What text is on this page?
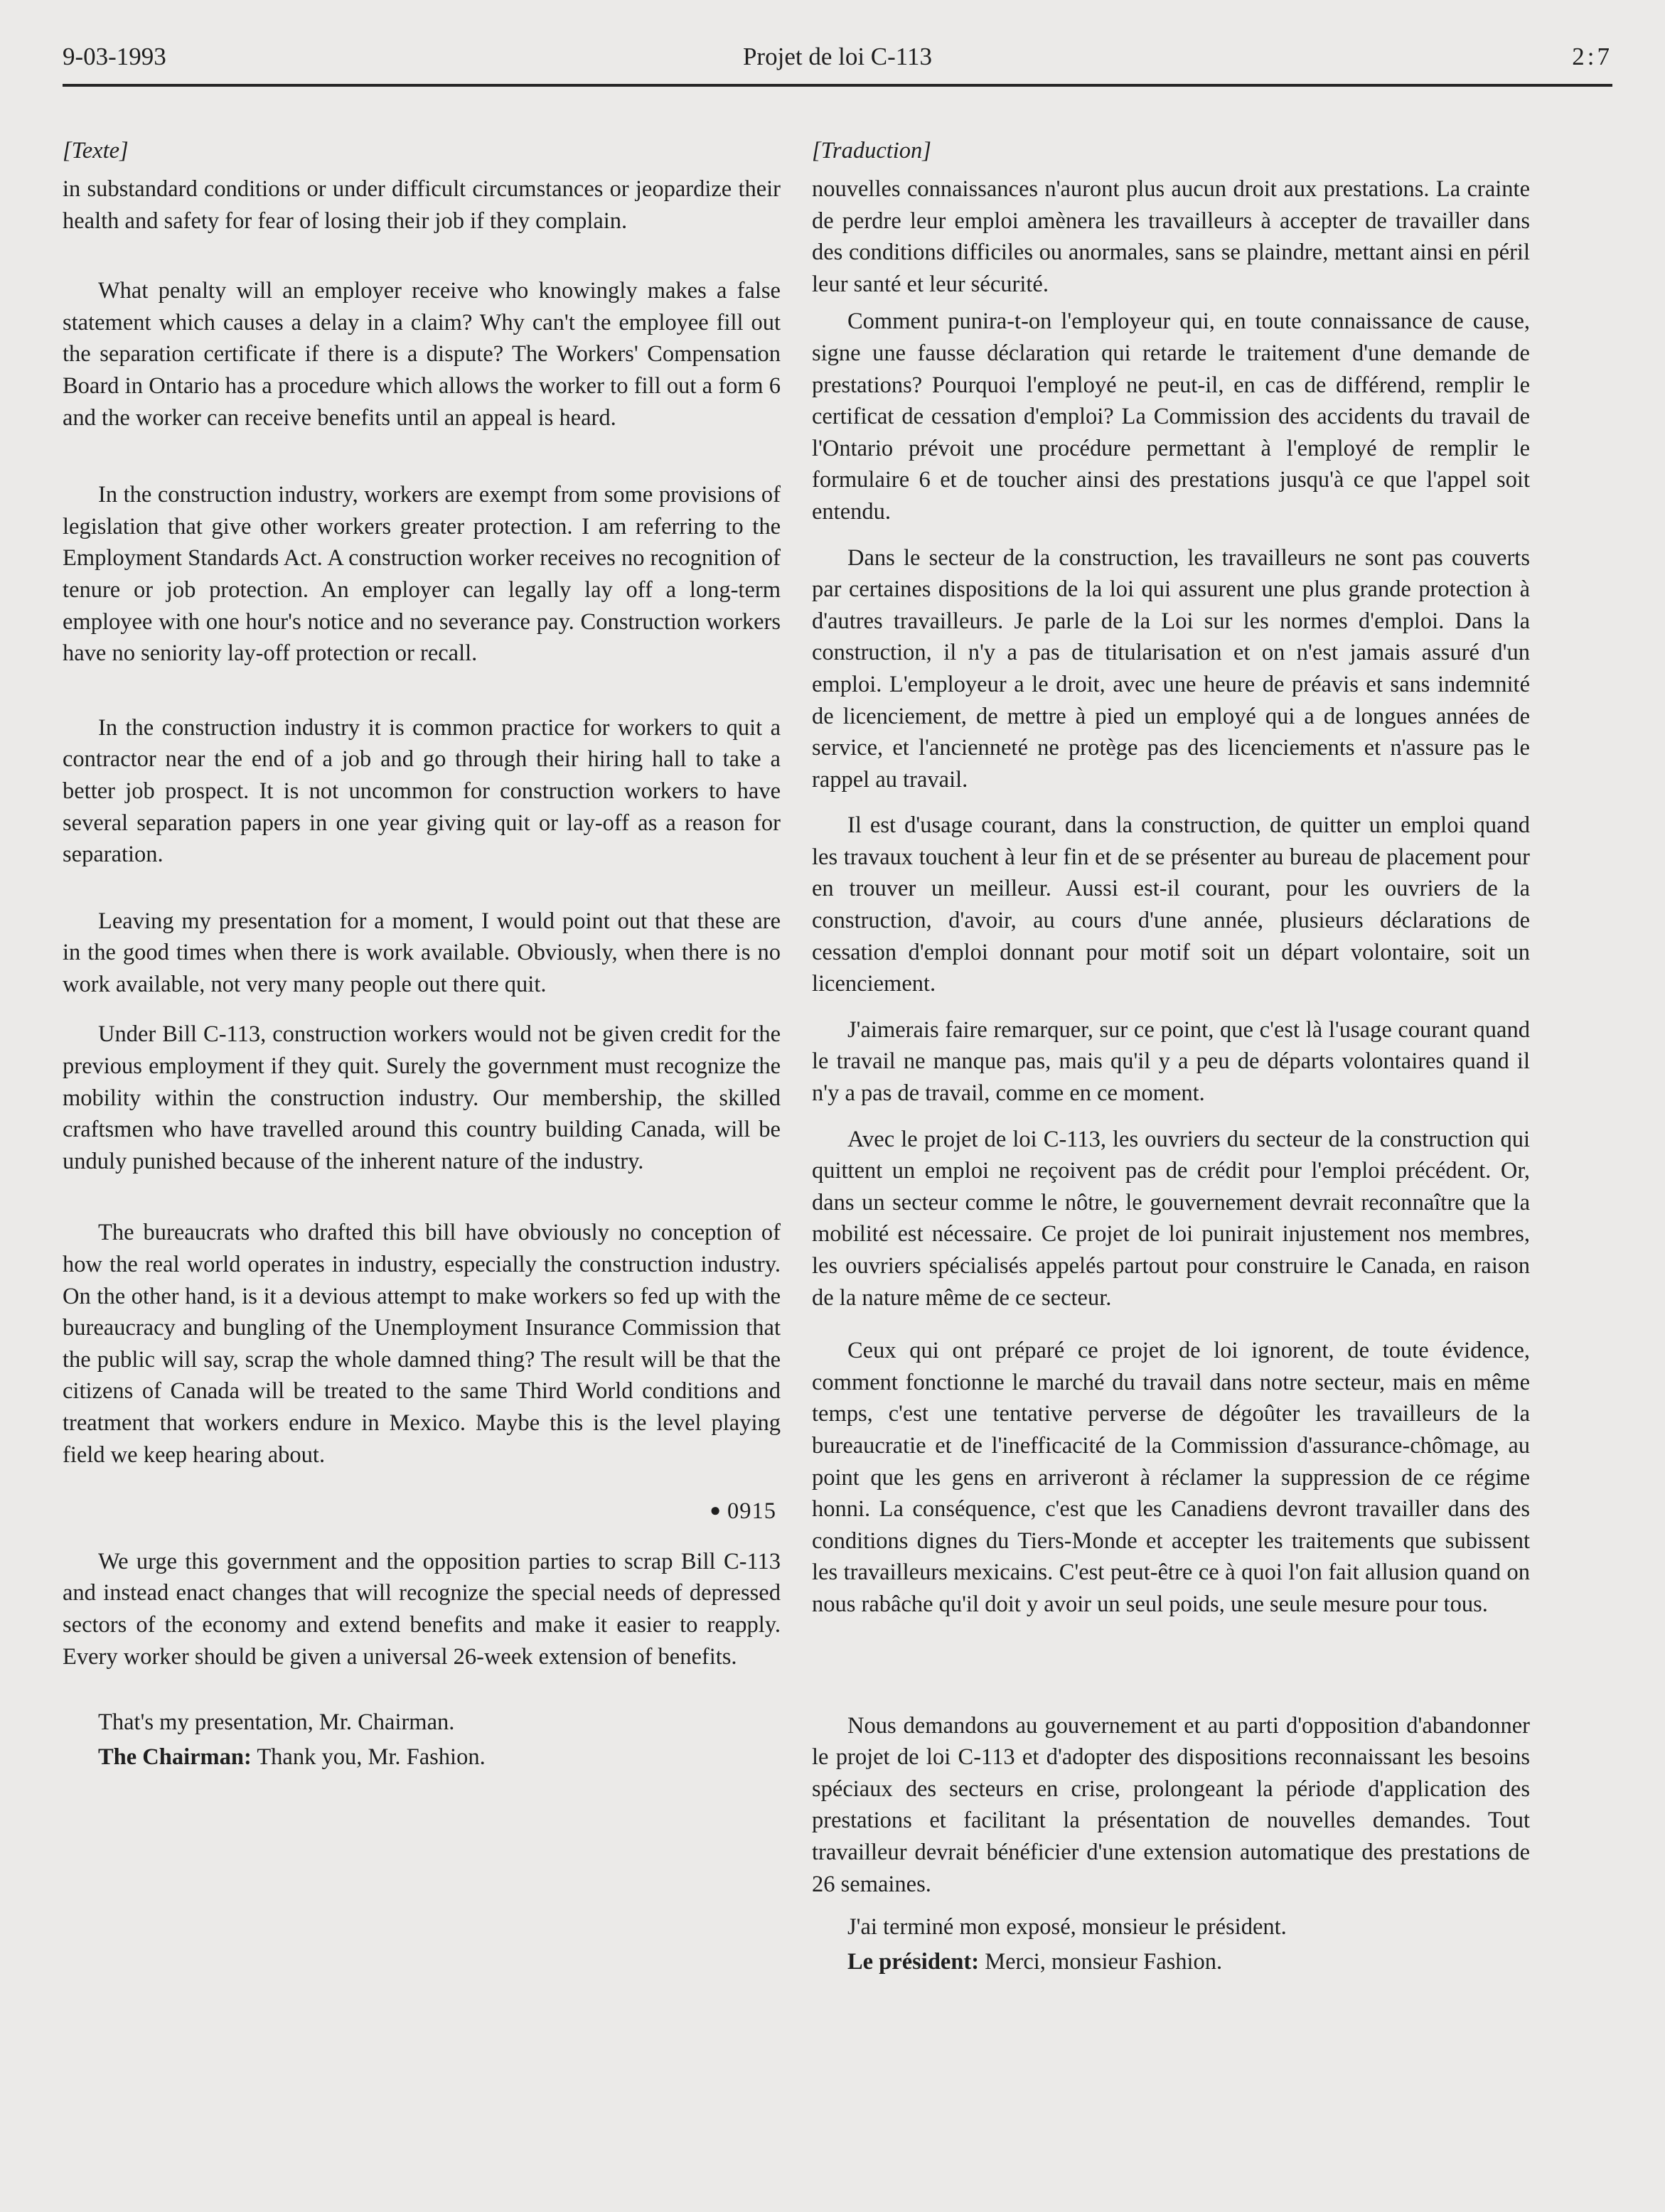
9-03-1993	Projet de loi C-113	2:7
[Texte]

in substandard conditions or under difficult circumstances or jeopardize their health and safety for fear of losing their job if they complain.

What penalty will an employer receive who knowingly makes a false statement which causes a delay in a claim? Why can't the employee fill out the separation certificate if there is a dispute? The Workers' Compensation Board in Ontario has a procedure which allows the worker to fill out a form 6 and the worker can receive benefits until an appeal is heard.

In the construction industry, workers are exempt from some provisions of legislation that give other workers greater protection. I am referring to the Employment Standards Act. A construction worker receives no recognition of tenure or job protection. An employer can legally lay off a long-term employee with one hour's notice and no severance pay. Construction workers have no seniority lay-off protection or recall.

In the construction industry it is common practice for workers to quit a contractor near the end of a job and go through their hiring hall to take a better job prospect. It is not uncommon for construction workers to have several separation papers in one year giving quit or lay-off as a reason for separation.

Leaving my presentation for a moment, I would point out that these are in the good times when there is work available. Obviously, when there is no work available, not very many people out there quit.

Under Bill C-113, construction workers would not be given credit for the previous employment if they quit. Surely the government must recognize the mobility within the construction industry. Our membership, the skilled craftsmen who have travelled around this country building Canada, will be unduly punished because of the inherent nature of the industry.

The bureaucrats who drafted this bill have obviously no conception of how the real world operates in industry, especially the construction industry. On the other hand, is it a devious attempt to make workers so fed up with the bureaucracy and bungling of the Unemployment Insurance Commission that the public will say, scrap the whole damned thing? The result will be that the citizens of Canada will be treated to the same Third World conditions and treatment that workers endure in Mexico. Maybe this is the level playing field we keep hearing about.

● 0915

We urge this government and the opposition parties to scrap Bill C-113 and instead enact changes that will recognize the special needs of depressed sectors of the economy and extend benefits and make it easier to reapply. Every worker should be given a universal 26-week extension of benefits.

That's my presentation, Mr. Chairman.

The Chairman: Thank you, Mr. Fashion.

[Traduction]

nouvelles connaissances n'auront plus aucun droit aux prestations. La crainte de perdre leur emploi amènera les travailleurs à accepter de travailler dans des conditions difficiles ou anormales, sans se plaindre, mettant ainsi en péril leur santé et leur sécurité.

Comment punira-t-on l'employeur qui, en toute connaissance de cause, signe une fausse déclaration qui retarde le traitement d'une demande de prestations? Pourquoi l'employé ne peut-il, en cas de différend, remplir le certificat de cessation d'emploi? La Commission des accidents du travail de l'Ontario prévoit une procédure permettant à l'employé de remplir le formulaire 6 et de toucher ainsi des prestations jusqu'à ce que l'appel soit entendu.

Dans le secteur de la construction, les travailleurs ne sont pas couverts par certaines dispositions de la loi qui assurent une plus grande protection à d'autres travailleurs. Je parle de la Loi sur les normes d'emploi. Dans la construction, il n'y a pas de titularisation et on n'est jamais assuré d'un emploi. L'employeur a le droit, avec une heure de préavis et sans indemnité de licenciement, de mettre à pied un employé qui a de longues années de service, et l'ancienneté ne protège pas des licenciements et n'assure pas le rappel au travail.

Il est d'usage courant, dans la construction, de quitter un emploi quand les travaux touchent à leur fin et de se présenter au bureau de placement pour en trouver un meilleur. Aussi est-il courant, pour les ouvriers de la construction, d'avoir, au cours d'une année, plusieurs déclarations de cessation d'emploi donnant pour motif soit un départ volontaire, soit un licenciement.

J'aimerais faire remarquer, sur ce point, que c'est là l'usage courant quand le travail ne manque pas, mais qu'il y a peu de départs volontaires quand il n'y a pas de travail, comme en ce moment.

Avec le projet de loi C-113, les ouvriers du secteur de la construction qui quittent un emploi ne reçoivent pas de crédit pour l'emploi précédent. Or, dans un secteur comme le nôtre, le gouvernement devrait reconnaître que la mobilité est nécessaire. Ce projet de loi punirait injustement nos membres, les ouvriers spécialisés appelés partout pour construire le Canada, en raison de la nature même de ce secteur.

Ceux qui ont préparé ce projet de loi ignorent, de toute évidence, comment fonctionne le marché du travail dans notre secteur, mais en même temps, c'est une tentative perverse de dégoûter les travailleurs de la bureaucratie et de l'inefficacité de la Commission d'assurance-chômage, au point que les gens en arriveront à réclamer la suppression de ce régime honni. La conséquence, c'est que les Canadiens devront travailler dans des conditions dignes du Tiers-Monde et accepter les traitements que subissent les travailleurs mexicains. C'est peut-être ce à quoi l'on fait allusion quand on nous rabâche qu'il doit y avoir un seul poids, une seule mesure pour tous.

Nous demandons au gouvernement et au parti d'opposition d'abandonner le projet de loi C-113 et d'adopter des dispositions reconnaissant les besoins spéciaux des secteurs en crise, prolongeant la période d'application des prestations et facilitant la présentation de nouvelles demandes. Tout travailleur devrait bénéficier d'une extension automatique des prestations de 26 semaines.

J'ai terminé mon exposé, monsieur le président.

Le président: Merci, monsieur Fashion.
